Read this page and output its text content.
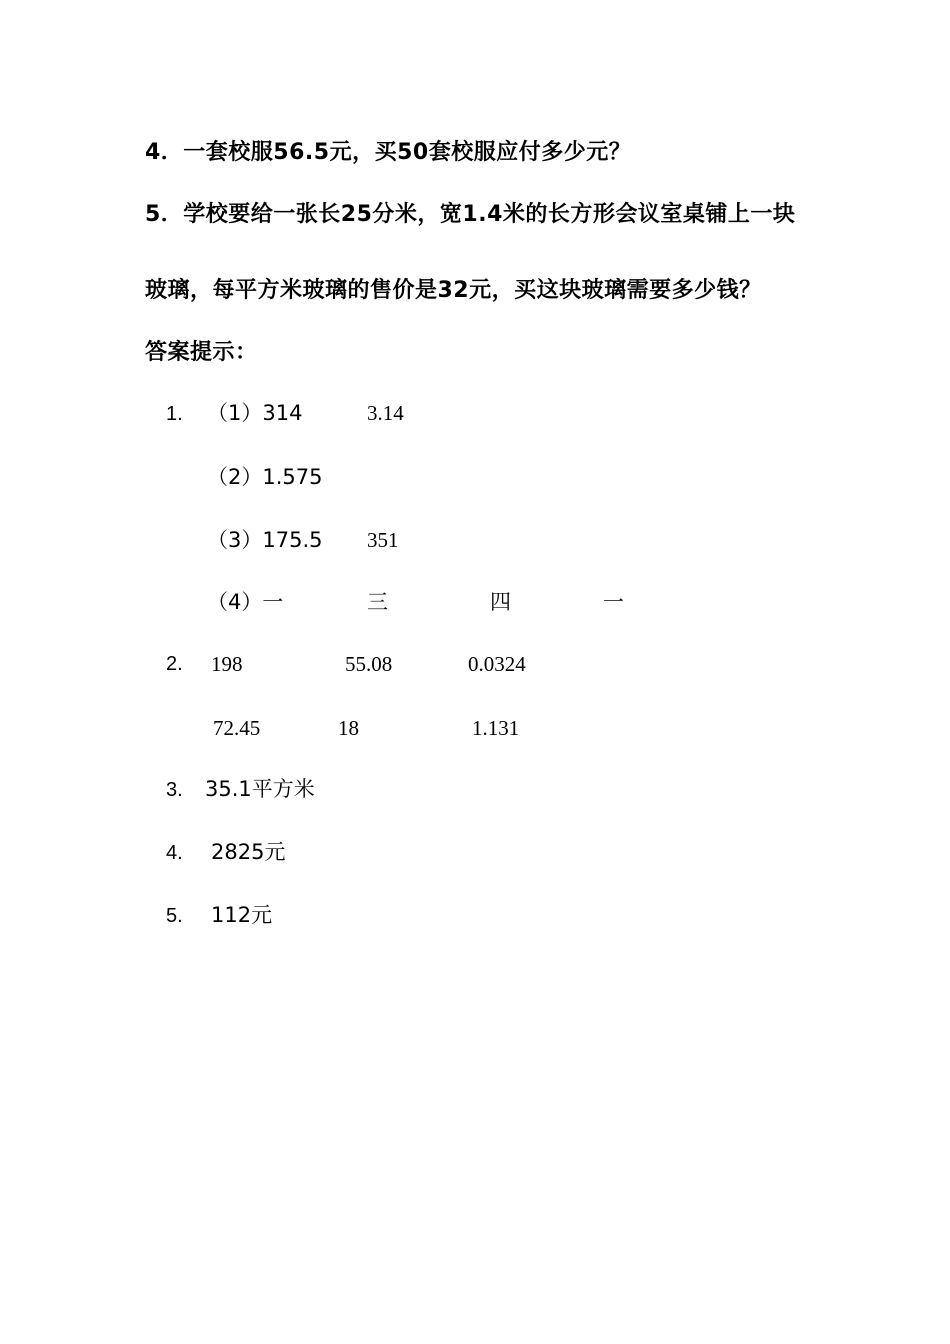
4．一套校服56.5元，买50套校服应付多少元？
5．学校要给一张长25分米，宽1.4米的长方形会议室桌铺上一块
玻璃，每平方米玻璃的售价是32元，买这块玻璃需要多少钱？
答案提示：
1. （1）314	3.14
（2）1.575
（3）175.5 351
（4）一	三	四	一
2. 198	55.08	0.0324
72.45	18	1.131
3. 35.1平方米
4. 2825元
5. 112元
